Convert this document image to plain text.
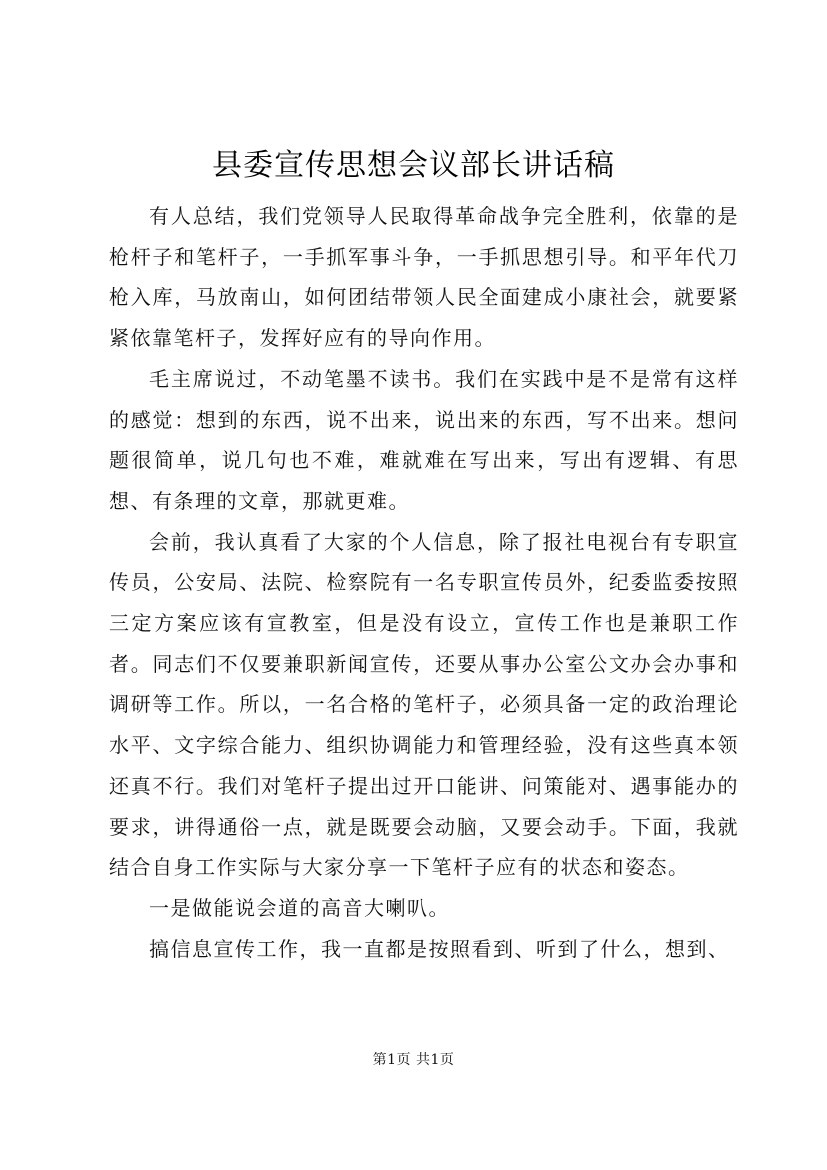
县委宣传思想会议部长讲话稿

有人总结，我们党领导人民取得革命战争完全胜利，依靠的是枪杆子和笔杆子，一手抓军事斗争，一手抓思想引导。和平年代刀枪入库，马放南山，如何团结带领人民全面建成小康社会，就要紧紧依靠笔杆子，发挥好应有的导向作用。

毛主席说过，不动笔墨不读书。我们在实践中是不是常有这样的感觉：想到的东西，说不出来，说出来的东西，写不出来。想问题很简单，说几句也不难，难就难在写出来，写出有逻辑、有思想、有条理的文章，那就更难。

会前，我认真看了大家的个人信息，除了报社电视台有专职宣传员，公安局、法院、检察院有一名专职宣传员外，纪委监委按照三定方案应该有宣教室，但是没有设立，宣传工作也是兼职工作者。同志们不仅要兼职新闻宣传，还要从事办公室公文办会办事和调研等工作。所以，一名合格的笔杆子，必须具备一定的政治理论水平、文字综合能力、组织协调能力和管理经验，没有这些真本领还真不行。我们对笔杆子提出过开口能讲、问策能对、遇事能办的要求，讲得通俗一点，就是既要会动脑，又要会动手。下面，我就结合自身工作实际与大家分享一下笔杆子应有的状态和姿态。

一是做能说会道的高音大喇叭。

搞信息宣传工作，我一直都是按照看到、听到了什么，想到、

第1页 共1页
